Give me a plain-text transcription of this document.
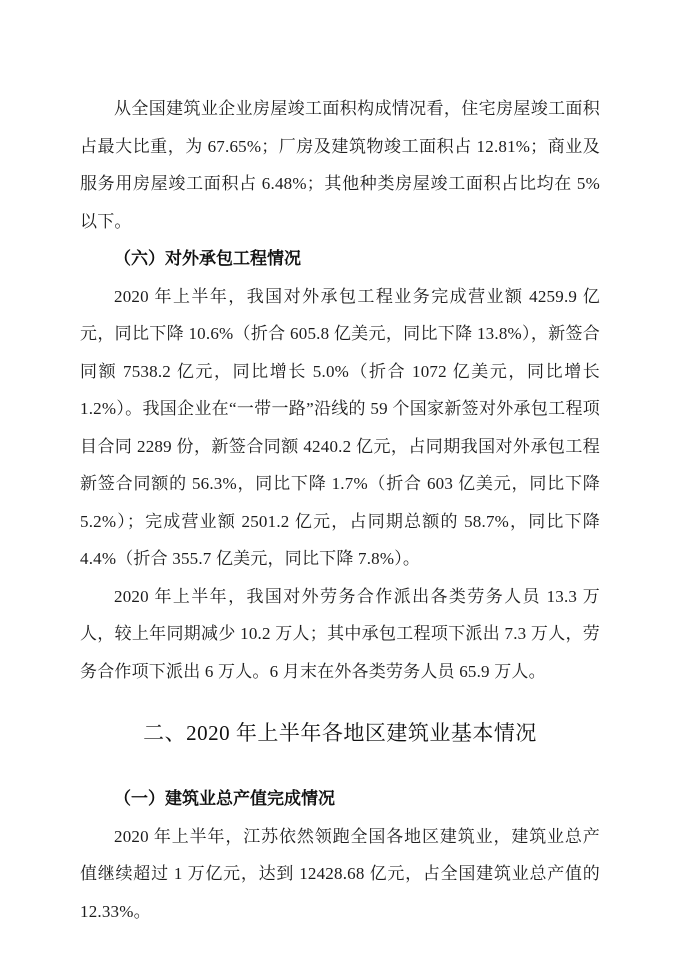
从全国建筑业企业房屋竣工面积构成情况看，住宅房屋竣工面积占最大比重，为 67.65%；厂房及建筑物竣工面积占 12.81%；商业及服务用房屋竣工面积占 6.48%；其他种类房屋竣工面积占比均在 5%以下。

（六）对外承包工程情况

2020 年上半年，我国对外承包工程业务完成营业额 4259.9 亿元，同比下降 10.6%（折合 605.8 亿美元，同比下降 13.8%），新签合同额 7538.2 亿元，同比增长 5.0%（折合 1072 亿美元，同比增长 1.2%）。我国企业在“一带一路”沿线的 59 个国家新签对外承包工程项目合同 2289 份，新签合同额 4240.2 亿元，占同期我国对外承包工程新签合同额的 56.3%，同比下降 1.7%（折合 603 亿美元，同比下降 5.2%）；完成营业额 2501.2 亿元，占同期总额的 58.7%，同比下降 4.4%（折合 355.7 亿美元，同比下降 7.8%）。

2020 年上半年，我国对外劳务合作派出各类劳务人员 13.3 万人，较上年同期减少 10.2 万人；其中承包工程项下派出 7.3 万人，劳务合作项下派出 6 万人。6 月末在外各类劳务人员 65.9 万人。

二、2020 年上半年各地区建筑业基本情况
（一）建筑业总产值完成情况

2020 年上半年，江苏依然领跑全国各地区建筑业，建筑业总产值继续超过 1 万亿元，达到 12428.68 亿元，占全国建筑业总产值的 12.33%。
